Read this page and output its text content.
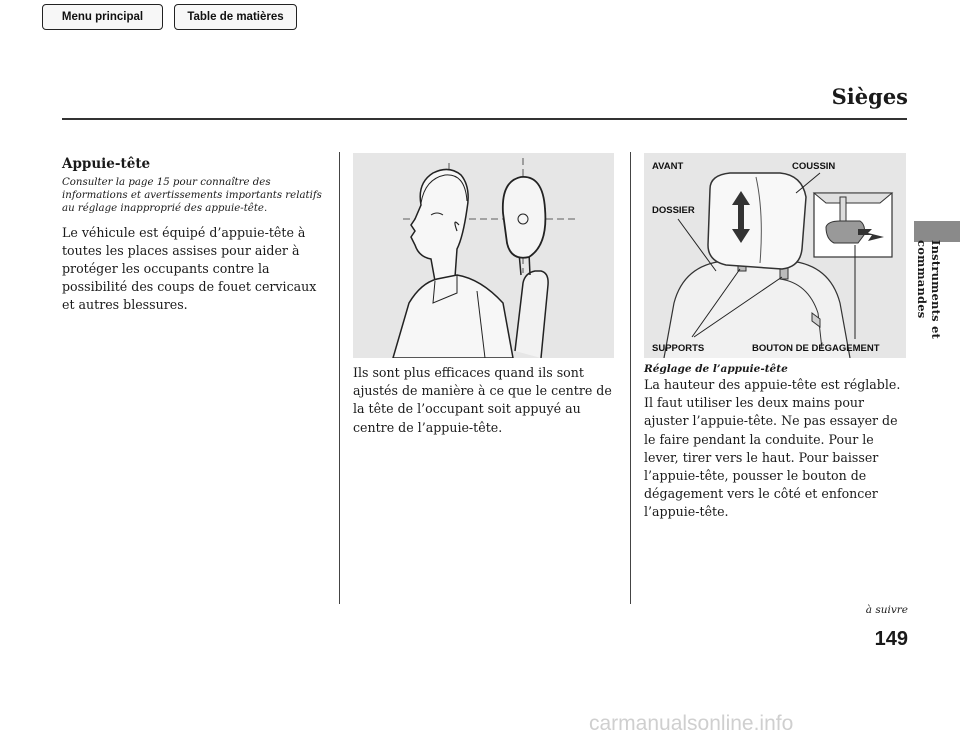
Menu principal	Table de matières
Sièges
Instruments et commandes

Appuie-tête

Consulter la page 15 pour connaître des informations et avertissements importants relatifs au réglage inapproprié des appuie-tête.

Le véhicule est équipé d’appuie-tête à toutes les places assises pour aider à protéger les occupants contre la possibilité des coups de fouet cervicaux et autres blessures.

Ils sont plus efficaces quand ils sont ajustés de manière à ce que le centre de la tête de l’occupant soit appuyé au centre de l’appuie-tête.

AVANT	COUSSIN
DOSSIER
SUPPORTS	BOUTON DE DÉGAGEMENT

Réglage de l’appuie-tête

La hauteur des appuie-tête est réglable. Il faut utiliser les deux mains pour ajuster l’appuie-tête. Ne pas essayer de le faire pendant la conduite. Pour le lever, tirer vers le haut. Pour baisser l’appuie-tête, pousser le bouton de dégagement vers le côté et enfoncer l’appuie-tête.

à suivre
149
carmanualsonline.info
